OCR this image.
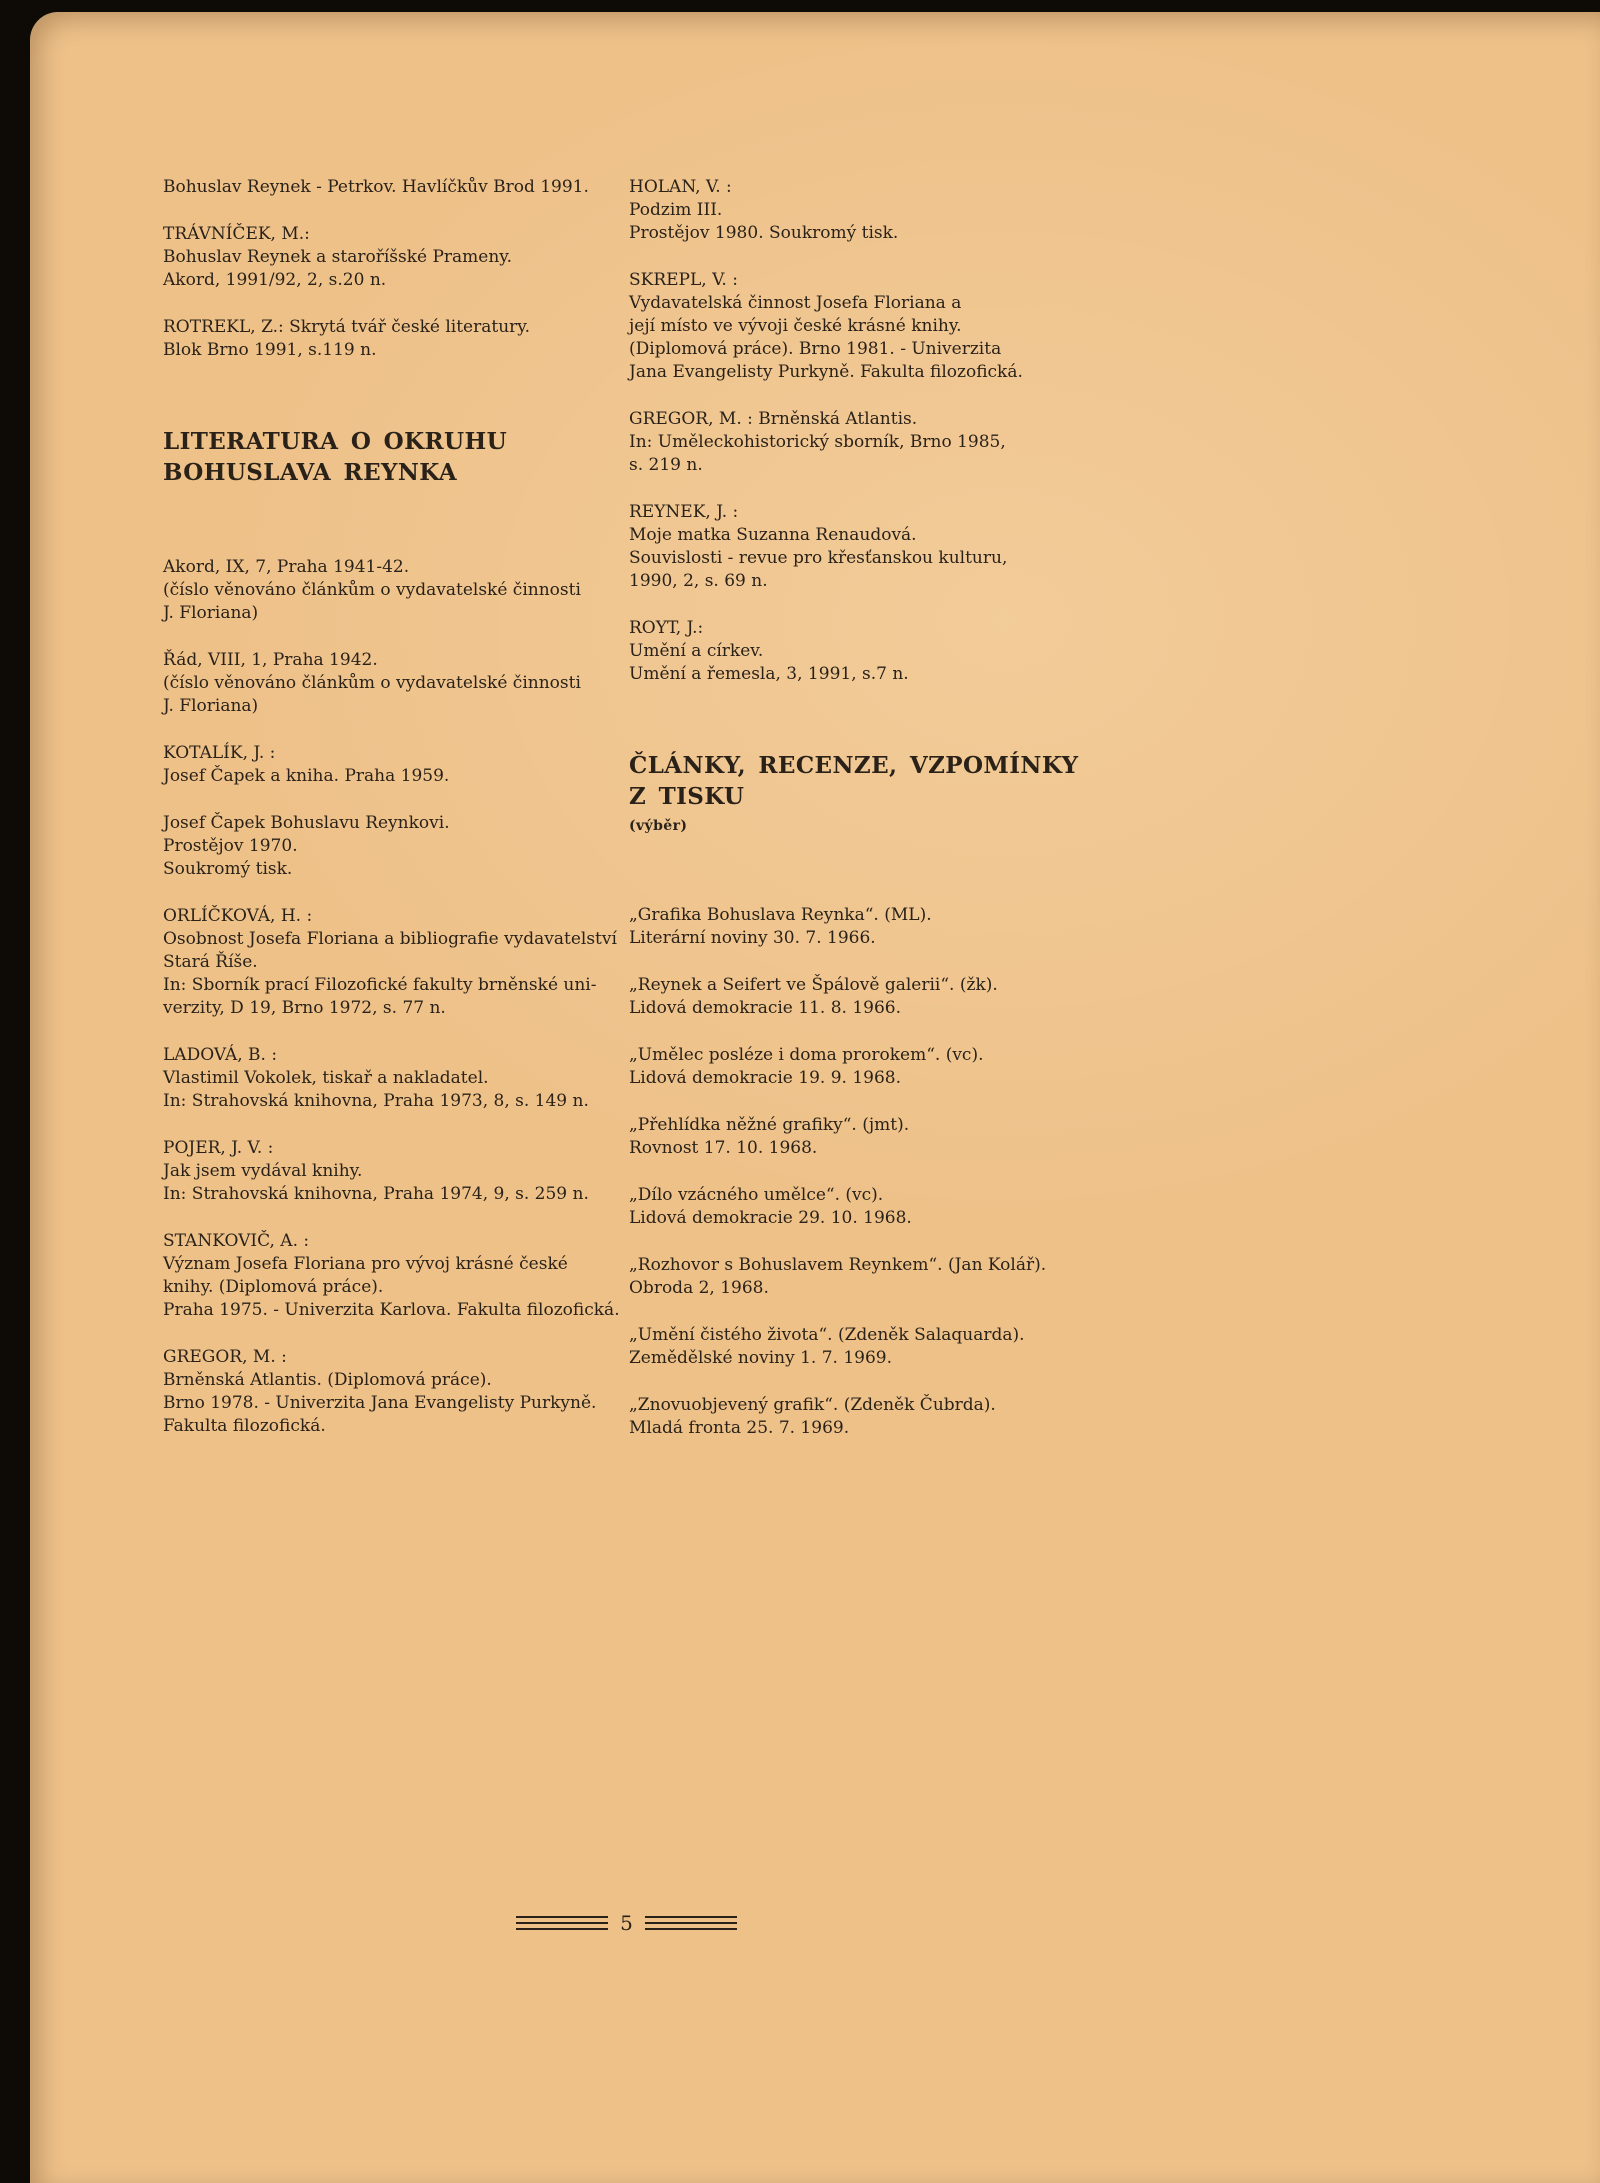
Bohuslav Reynek - Petrkov. Havlíčkův Brod 1991.
TRÁVNÍČEK, M.:
Bohuslav Reynek a staroříšské Prameny.
Akord, 1991/92, 2, s.20 n.
ROTREKL, Z.: Skrytá tvář české literatury.
Blok Brno 1991, s.119 n.
LITERATURA O OKRUHU
BOHUSLAVA REYNKA
Akord, IX, 7, Praha 1941-42.
(číslo věnováno článkům o vydavatelské činnosti
J. Floriana)
Řád, VIII, 1, Praha 1942.
(číslo věnováno článkům o vydavatelské činnosti
J. Floriana)
KOTALÍK, J. :
Josef Čapek a kniha. Praha 1959.
Josef Čapek Bohuslavu Reynkovi.
Prostějov 1970.
Soukromý tisk.
ORLÍČKOVÁ, H. :
Osobnost Josefa Floriana a bibliografie vydavatelství
Stará Říše.
In: Sborník prací Filozofické fakulty brněnské uni-
verzity, D 19, Brno 1972, s. 77 n.
LADOVÁ, B. :
Vlastimil Vokolek, tiskař a nakladatel.
In: Strahovská knihovna, Praha 1973, 8, s. 149 n.
POJER, J. V. :
Jak jsem vydával knihy.
In: Strahovská knihovna, Praha 1974, 9, s. 259 n.
STANKOVIČ, A. :
Význam Josefa Floriana pro vývoj krásné české
knihy. (Diplomová práce).
Praha 1975. - Univerzita Karlova. Fakulta filozofická.
GREGOR, M. :
Brněnská Atlantis. (Diplomová práce).
Brno 1978. - Univerzita Jana Evangelisty Purkyně.
Fakulta filozofická.
HOLAN, V. :
Podzim III.
Prostějov 1980. Soukromý tisk.
SKREPL, V. :
Vydavatelská činnost Josefa Floriana a
její místo ve vývoji české krásné knihy.
(Diplomová práce). Brno 1981. - Univerzita
Jana Evangelisty Purkyně. Fakulta filozofická.
GREGOR, M. : Brněnská Atlantis.
In: Uměleckohistorický sborník, Brno 1985,
s. 219 n.
REYNEK, J. :
Moje matka Suzanna Renaudová.
Souvislosti - revue pro křesťanskou kulturu,
1990, 2, s. 69 n.
ROYT, J.:
Umění a církev.
Umění a řemesla, 3, 1991, s.7 n.
ČLÁNKY, RECENZE, VZPOMÍNKY
Z TISKU
(výběr)
„Grafika Bohuslava Reynka“. (ML).
Literární noviny 30. 7. 1966.
„Reynek a Seifert ve Špálově galerii“. (žk).
Lidová demokracie 11. 8. 1966.
„Umělec posléze i doma prorokem“. (vc).
Lidová demokracie 19. 9. 1968.
„Přehlídka něžné grafiky“. (jmt).
Rovnost 17. 10. 1968.
„Dílo vzácného umělce“. (vc).
Lidová demokracie 29. 10. 1968.
„Rozhovor s Bohuslavem Reynkem“. (Jan Kolář).
Obroda 2, 1968.
„Umění čistého života“. (Zdeněk Salaquarda).
Zemědělské noviny 1. 7. 1969.
„Znovuobjevený grafik“. (Zdeněk Čubrda).
Mladá fronta 25. 7. 1969.
5
